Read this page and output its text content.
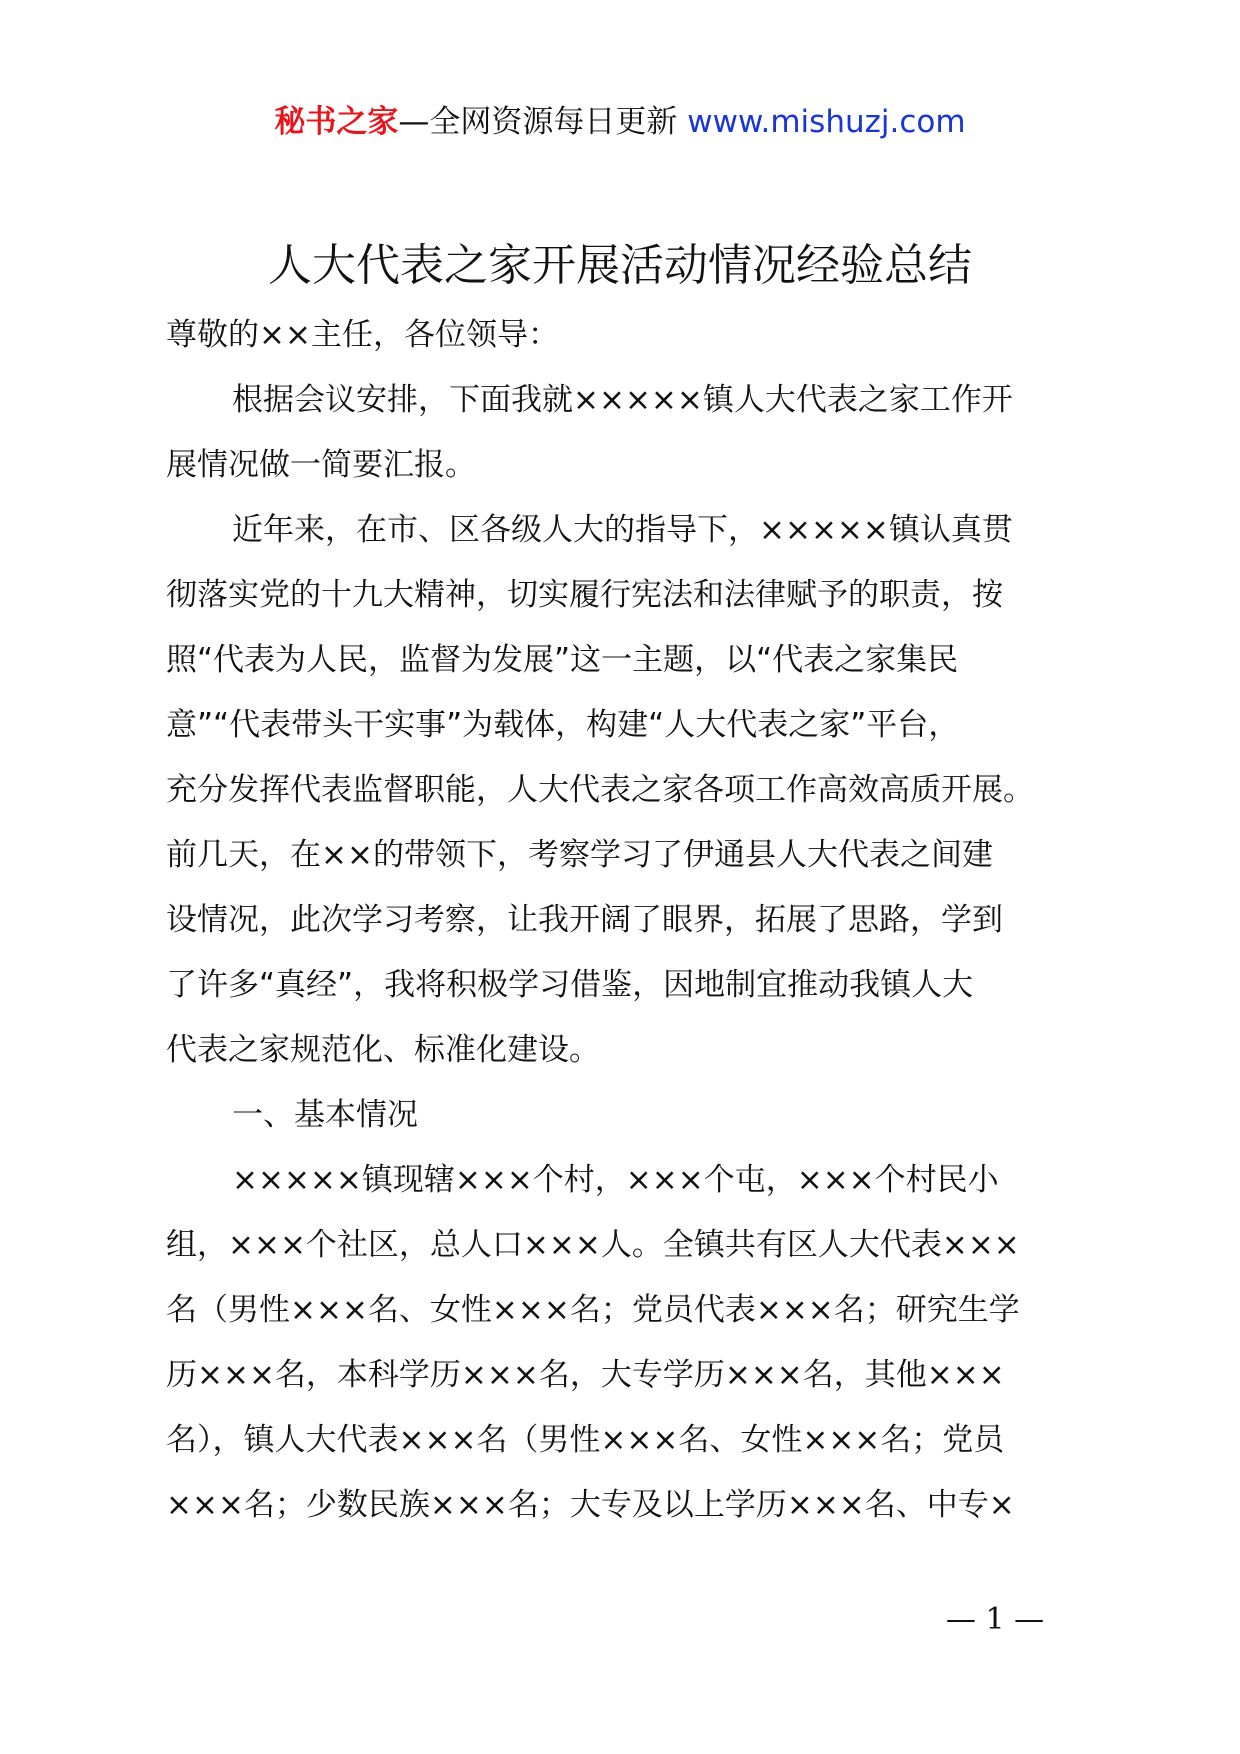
秘书之家—全网资源每日更新 www.mishuzj.com
人大代表之家开展活动情况经验总结
尊敬的××主任，各位领导：
根据会议安排，下面我就×××××镇人大代表之家工作开
展情况做一简要汇报。
近年来，在市、区各级人大的指导下，×××××镇认真贯
彻落实党的十九大精神，切实履行宪法和法律赋予的职责，按
照“代表为人民，监督为发展”这一主题，以“代表之家集民
意”“代表带头干实事”为载体，构建“人大代表之家”平台，
充分发挥代表监督职能，人大代表之家各项工作高效高质开展。
前几天，在××的带领下，考察学习了伊通县人大代表之间建
设情况，此次学习考察，让我开阔了眼界，拓展了思路，学到
了许多“真经”，我将积极学习借鉴，因地制宜推动我镇人大
代表之家规范化、标准化建设。
一、基本情况
×××××镇现辖×××个村，×××个屯，×××个村民小
组，×××个社区，总人口×××人。全镇共有区人大代表×××
名（男性×××名、女性×××名；党员代表×××名；研究生学
历×××名，本科学历×××名，大专学历×××名，其他×××
名），镇人大代表×××名（男性×××名、女性×××名；党员
×××名；少数民族×××名；大专及以上学历×××名、中专×
— 1 —
